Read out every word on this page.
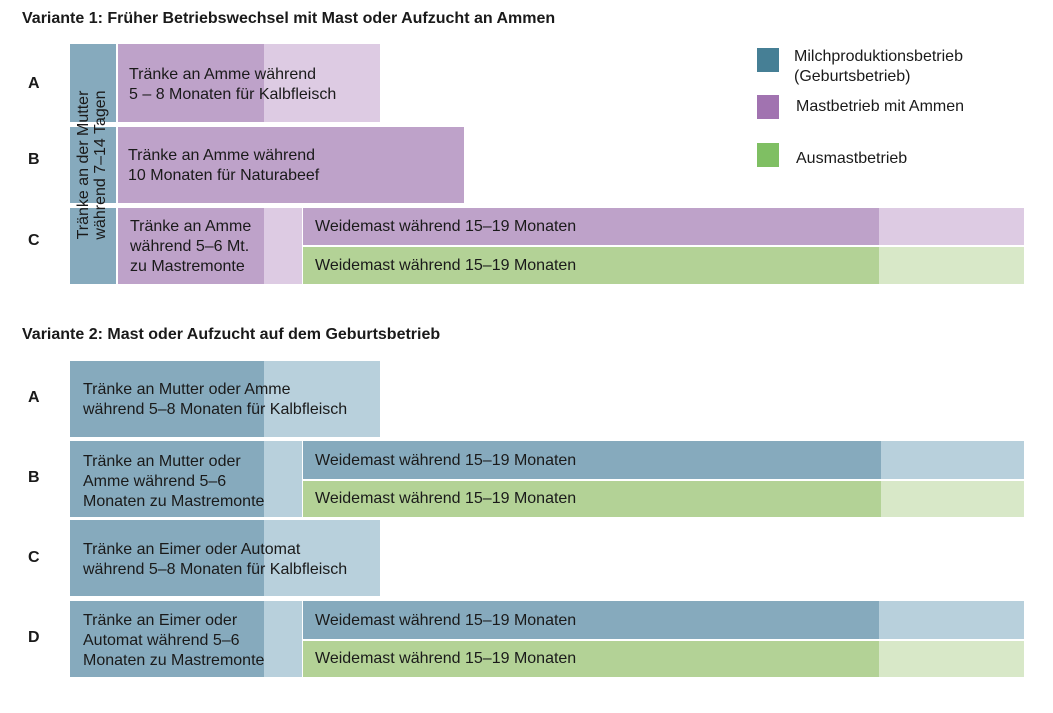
Variante 1: Früher Betriebswechsel mit Mast oder Aufzucht an Ammen
A
B
C
Tränke an der Mutter
während 7–14 Tagen
Tränke an Amme während
5 – 8 Monaten für Kalbfleisch
Tränke an Amme während
10 Monaten für Naturabeef
Tränke an Amme
während 5–6 Mt.
zu Mastremonte
Weidemast während 15–19 Monaten
Weidemast während 15–19 Monaten
Milchproduktionsbetrieb
(Geburtsbetrieb)
Mastbetrieb mit Ammen
Ausmastbetrieb
Variante 2: Mast oder Aufzucht auf dem Geburtsbetrieb
A
B
C
D
Tränke an Mutter oder Amme
während 5–8 Monaten für Kalbfleisch
Tränke an Mutter oder
Amme während 5–6
Monaten zu Mastremonte
Weidemast während 15–19 Monaten
Weidemast während 15–19 Monaten
Tränke an Eimer oder Automat
während 5–8 Monaten für Kalbfleisch
Tränke an Eimer oder
Automat während 5–6
Monaten zu Mastremonte
Weidemast während 15–19 Monaten
Weidemast während 15–19 Monaten
